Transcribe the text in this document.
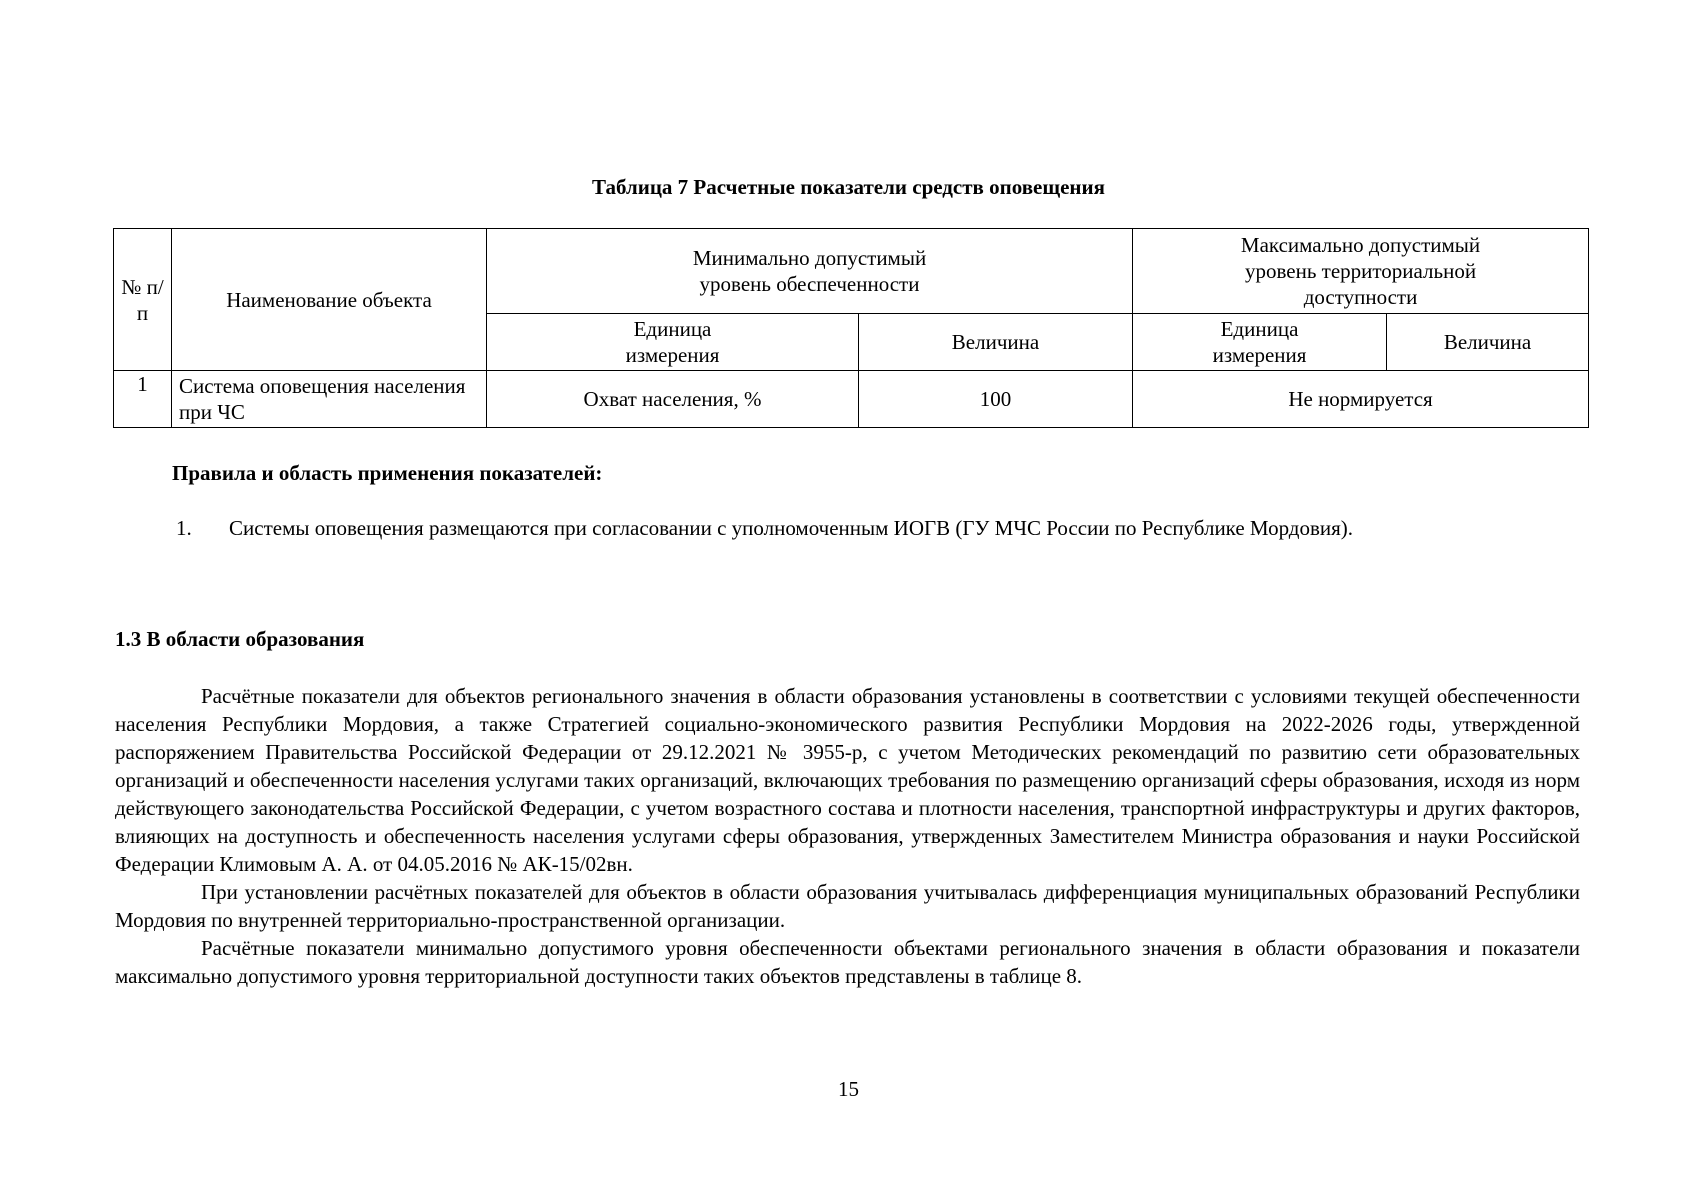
Таблица 7 Расчетные показатели средств оповещения
№ п/п	Наименование объекта	Минимально допустимый уровень обеспеченности		Максимально допустимый уровень территориальной доступности	
		Единица измерения	Величина	Единица измерения	Величина
1	Система оповещения населения при ЧС	Охват населения, %	100	Не нормируется	
Правила и область применения показателей:
1. Системы оповещения размещаются при согласовании с уполномоченным ИОГВ (ГУ МЧС России по Республике Мордовия).
1.3 В области образования

Расчётные показатели для объектов регионального значения в области образования установлены в соответствии с условиями текущей обеспеченности населения Республики Мордовия, а также Стратегией социально-экономического развития Республики Мордовия на 2022-2026 годы, утвержденной распоряжением Правительства Российской Федерации от 29.12.2021 № 3955-р, с учетом Методических рекомендаций по развитию сети образовательных организаций и обеспеченности населения услугами таких организаций, включающих требования по размещению организаций сферы образования, исходя из норм действующего законодательства Российской Федерации, с учетом возрастного состава и плотности населения, транспортной инфраструктуры и других факторов, влияющих на доступность и обеспеченность населения услугами сферы образования, утвержденных Заместителем Министра образования и науки Российской Федерации Климовым А. А. от 04.05.2016 № АК-15/02вн.

При установлении расчётных показателей для объектов в области образования учитывалась дифференциация муниципальных образований Республики Мордовия по внутренней территориально-пространственной организации.

Расчётные показатели минимально допустимого уровня обеспеченности объектами регионального значения в области образования и показатели максимально допустимого уровня территориальной доступности таких объектов представлены в таблице 8.

15
